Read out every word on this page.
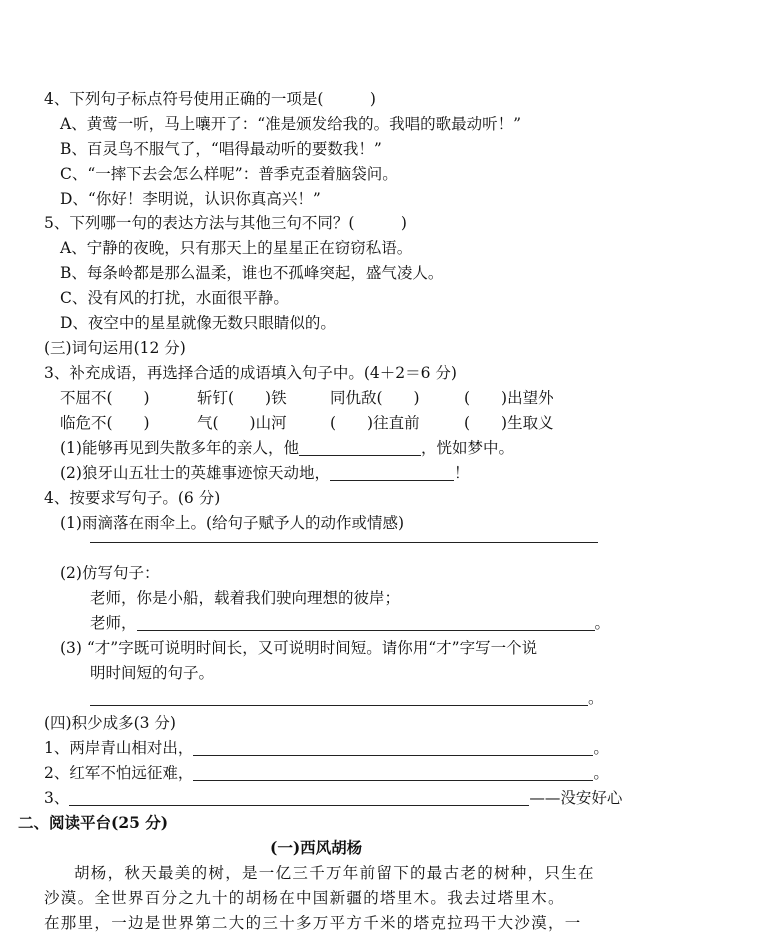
4、下列句子标点符号使用正确的一项是(　　　)
A、黄莺一听，马上嚷开了：“准是颁发给我的。我唱的歌最动听！”
B、百灵鸟不服气了，“唱得最动听的要数我！”
C、“一摔下去会怎么样呢”：普季克歪着脑袋问。
D、“你好！李明说，认识你真高兴！”
5、下列哪一句的表达方法与其他三句不同？(　　　)
A、宁静的夜晚，只有那天上的星星正在窃窃私语。
B、每条岭都是那么温柔，谁也不孤峰突起，盛气凌人。
C、没有风的打扰，水面很平静。
D、夜空中的星星就像无数只眼睛似的。
(三)词句运用(12 分)
3、补充成语，再选择合适的成语填入句子中。(4＋2＝6 分)
不屈不(　　)	斩钉(　　)铁	同仇敌(　　)	(　　)出望外
临危不(　　)	气(　　)山河	(　　)往直前	(　　)生取义
(1)能够再见到失散多年的亲人，他	，恍如梦中。
(2)狼牙山五壮士的英雄事迹惊天动地，	！
4、按要求写句子。(6 分)
(1)雨滴落在雨伞上。(给句子赋予人的动作或情感)
(2)仿写句子：
老师，你是小船，载着我们驶向理想的彼岸；
老师，	。
(3) “才”字既可说明时间长，又可说明时间短。请你用“才”字写一个说
明时间短的句子。
。
(四)积少成多(3 分)
1、两岸青山相对出，	。
2、红军不怕远征难，	。
3、	——没安好心
二、阅读平台(25 分)
(一)西风胡杨
胡杨，秋天最美的树，是一亿三千万年前留下的最古老的树种，只生在
沙漠。全世界百分之九十的胡杨在中国新疆的塔里木。我去过塔里木。
在那里，一边是世界第二大的三十多万平方千米的塔克拉玛干大沙漠，一
